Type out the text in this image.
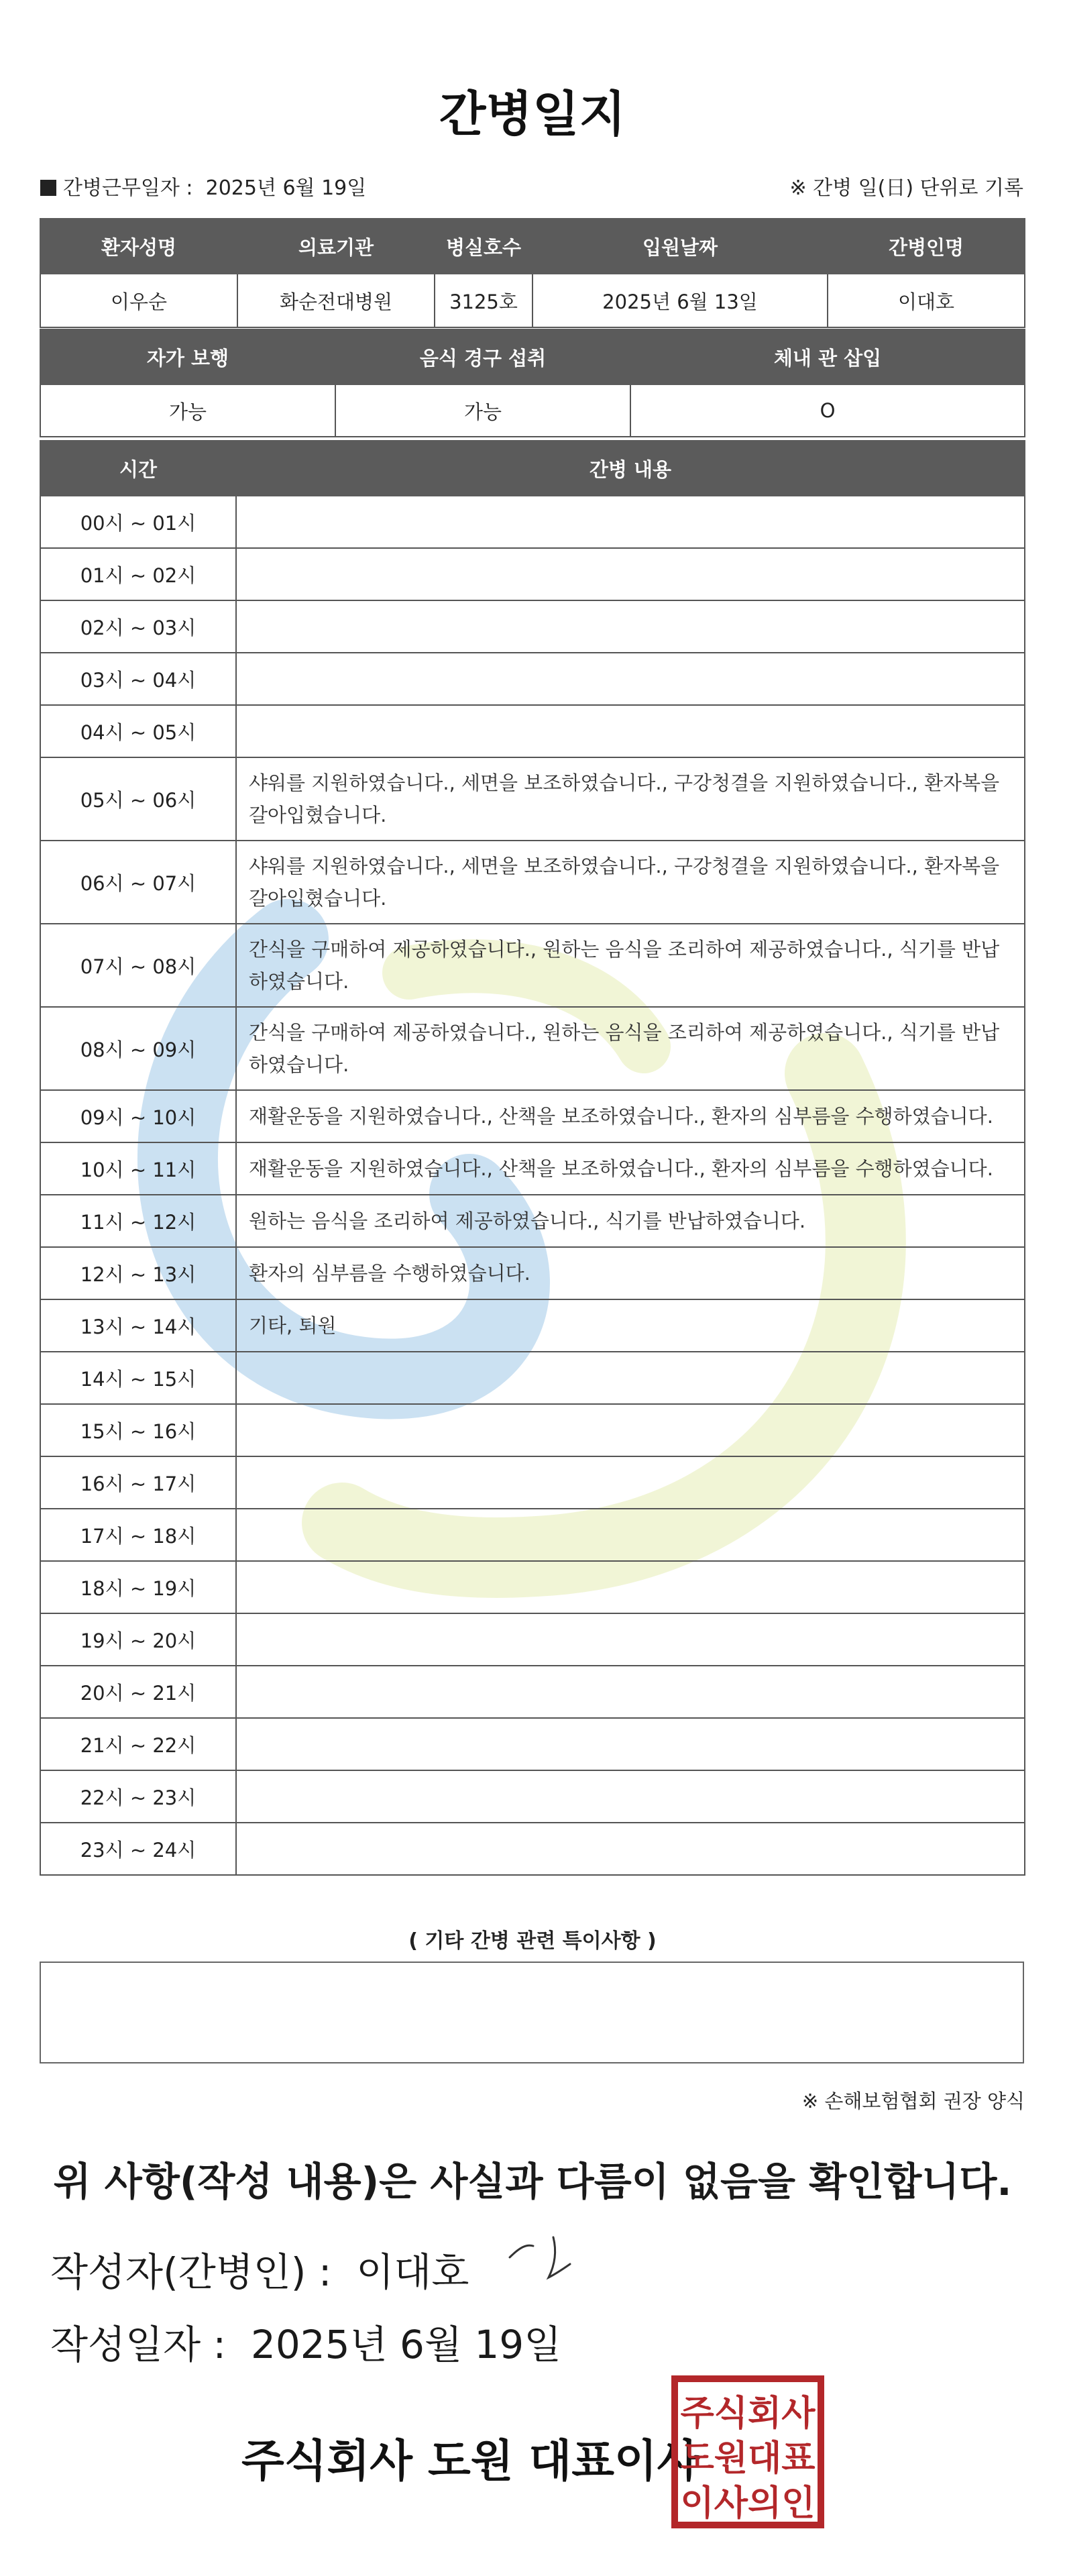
간병일지
간병근무일자 : 2025년 6월 19일	※ 간병 일(日) 단위로 기록
환자성명	의료기관	병실호수	입원날짜	간병인명
이우순	화순전대병원	3125호	2025년 6월 13일	이대호
자가 보행	음식 경구 섭취	체내 관 삽입
가능	가능	O
시간	간병 내용
00시 ~ 01시	
01시 ~ 02시	
02시 ~ 03시	
03시 ~ 04시	
04시 ~ 05시	
05시 ~ 06시	샤워를 지원하였습니다., 세면을 보조하였습니다., 구강청결을 지원하였습니다., 환자복을 갈아입혔습니다.
06시 ~ 07시	샤워를 지원하였습니다., 세면을 보조하였습니다., 구강청결을 지원하였습니다., 환자복을 갈아입혔습니다.
07시 ~ 08시	간식을 구매하여 제공하였습니다., 원하는 음식을 조리하여 제공하였습니다., 식기를 반납하였습니다.
08시 ~ 09시	간식을 구매하여 제공하였습니다., 원하는 음식을 조리하여 제공하였습니다., 식기를 반납하였습니다.
09시 ~ 10시	재활운동을 지원하였습니다., 산책을 보조하였습니다., 환자의 심부름을 수행하였습니다.
10시 ~ 11시	재활운동을 지원하였습니다., 산책을 보조하였습니다., 환자의 심부름을 수행하였습니다.
11시 ~ 12시	원하는 음식을 조리하여 제공하였습니다., 식기를 반납하였습니다.
12시 ~ 13시	환자의 심부름을 수행하였습니다.
13시 ~ 14시	기타, 퇴원
14시 ~ 15시	
15시 ~ 16시	
16시 ~ 17시	
17시 ~ 18시	
18시 ~ 19시	
19시 ~ 20시	
20시 ~ 21시	
21시 ~ 22시	
22시 ~ 23시	
23시 ~ 24시	
( 기타 간병 관련 특이사항 )
※ 손해보험협회 권장 양식
위 사항(작성 내용)은 사실과 다름이 없음을 확인합니다.
작성자(간병인) : 이대호
작성일자 : 2025년 6월 19일
주식회사 도원 대표이사
주식회사
도원대표
이사의인
